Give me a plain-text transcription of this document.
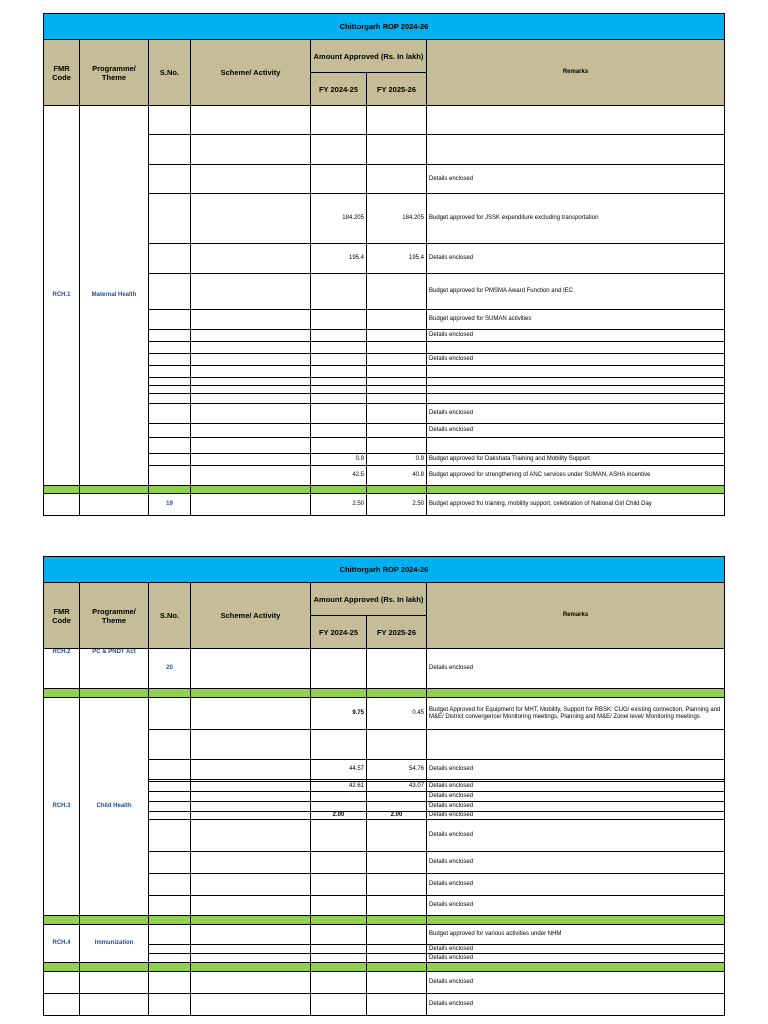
Chittorgarh ROP 2024-26						
FMR Code	Programme/ Theme	S.No.	Scheme/ Activity	Amount Approved (Rs. In lakh)		Remarks
				FY 2024-25	FY 2025-26	
RCH.1	Maternal Health					

						Details enclosed
				184.205	184.205	Budget approved for JSSK expenditure excluding transportation
				195.4	195.4	Details enclosed
						Budget approved for PMSMA Award Function and IEC
						Budget approved for SUMAN activities
						Details enclosed

						Details enclosed

						Details enclosed
						Details enclosed

				0.9	0.9	Budget approved for Dakshata Training and Mobility Support
				42.5	40.8	Budget approved for strengthening of ANC services under SUMAN, ASHA incentive

		19		2.50	2.50	Budget approved fro training, mobility support, celebration of National Girl Child Day
Chittorgarh ROP 2024-26						
FMR Code	Programme/ Theme	S.No.	Scheme/ Activity	Amount Approved (Rs. In lakh)		Remarks
				FY 2024-25	FY 2025-26	
RCH.2	PC & PNDT Act	20				Details enclosed

RCH.3	Child Health			9.75	0.45	Budget Approved for Equipment for MHT, Mobility, Support for RBSK: CUG/ existing connection, Planning and M&E/ District convergence/ Monitoring meetings, Planning and M&E/ Zonel level/ Monitoring meetings

				44.57	54.76	Details enclosed

				42.61	43.07	Details enclosed
						Details enclosed
						Details enclosed
				2.00	2.00	Details enclosed
						Details enclosed
						Details enclosed
						Details enclosed
						Details enclosed

RCH.4	Immunization					Budget approved for various activities under NHM
						Details enclosed
						Details enclosed

						Details enclosed
						Details enclosed
